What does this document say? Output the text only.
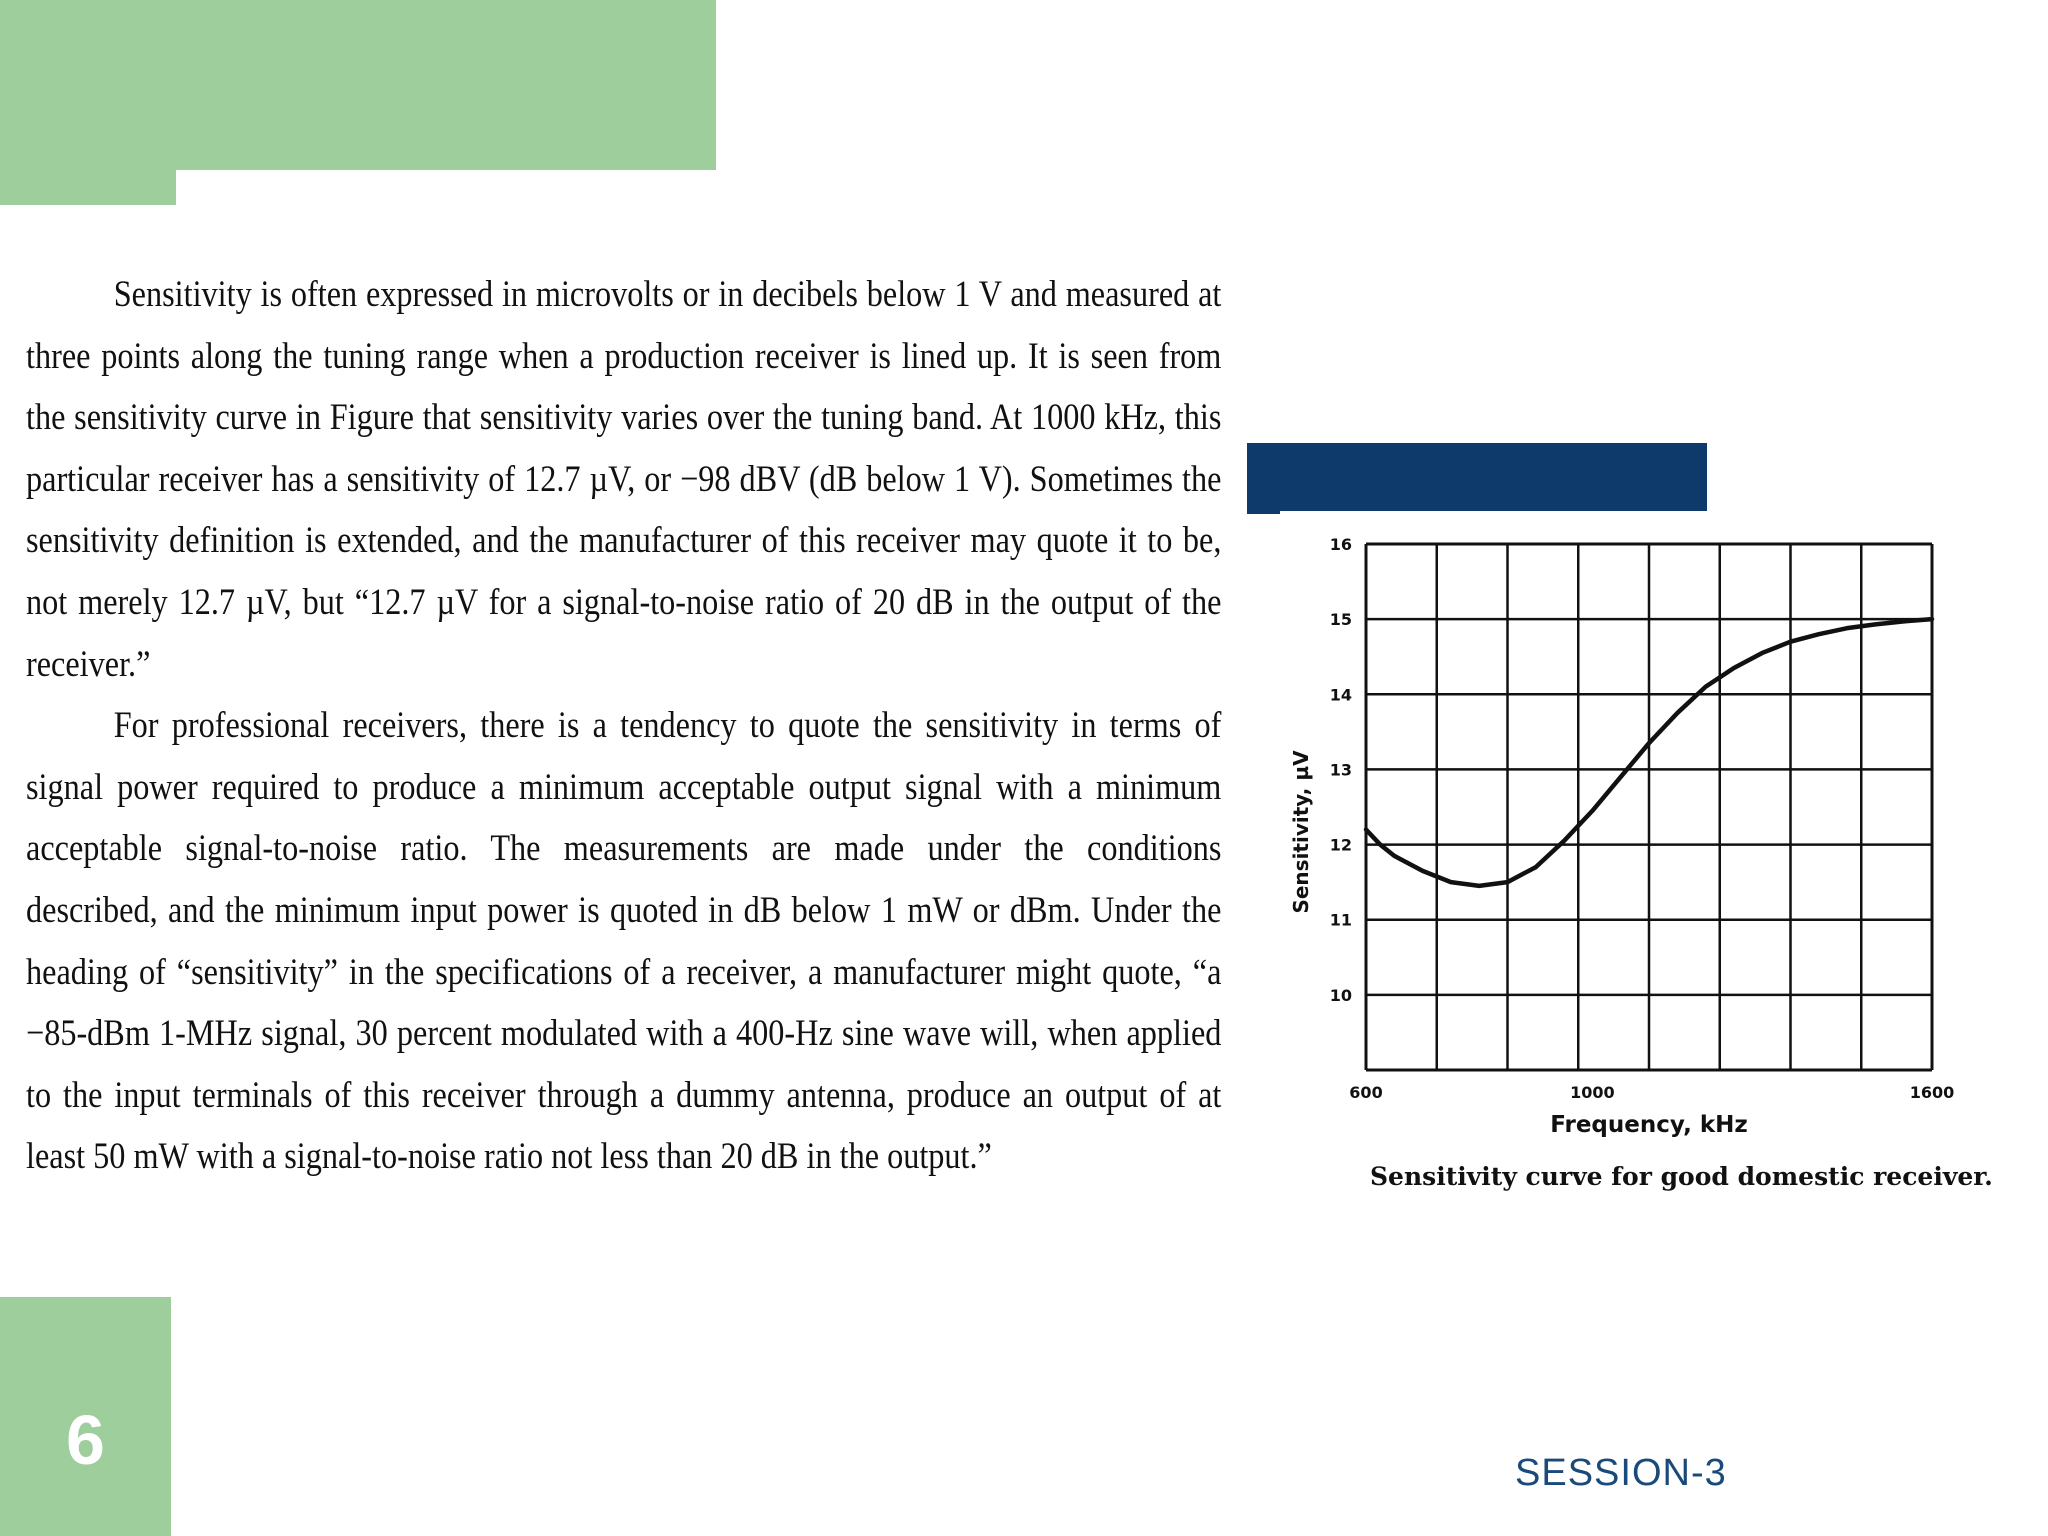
Sensitivity is often expressed in microvolts or in decibels below 1 V and measured at three points along the tuning range when a production receiver is lined up. It is seen from the sensitivity curve in Figure that sensitivity varies over the tuning band. At 1000 kHz, this particular receiver has a sensitivity of 12.7 µV, or −98 dBV (dB below 1 V). Sometimes the sensitivity definition is extended, and the manufacturer of this receiver may quote it to be, not merely 12.7 µV, but “12.7 µV for a signal-to-noise ratio of 20 dB in the output of the receiver.”

For professional receivers, there is a tendency to quote the sensitivity in terms of signal power required to produce a minimum acceptable output signal with a minimum acceptable signal-to-noise ratio. The measurements are made under the conditions described, and the minimum input power is quoted in dB below 1 mW or dBm. Under the heading of “sensitivity” in the specifications of a receiver, a manufacturer might quote, “a −85-dBm 1-MHz signal, 30 percent modulated with a 400-Hz sine wave will, when applied to the input terminals of this receiver through a dummy antenna, produce an output of at least 50 mW with a signal-to-noise ratio not less than 20 dB in the output.”

16
15
14
13
12
11
10
600	1000	1600
Frequency, kHz
Sensitivity, µV
Sensitivity curve for good domestic receiver.
6	SESSION-3
